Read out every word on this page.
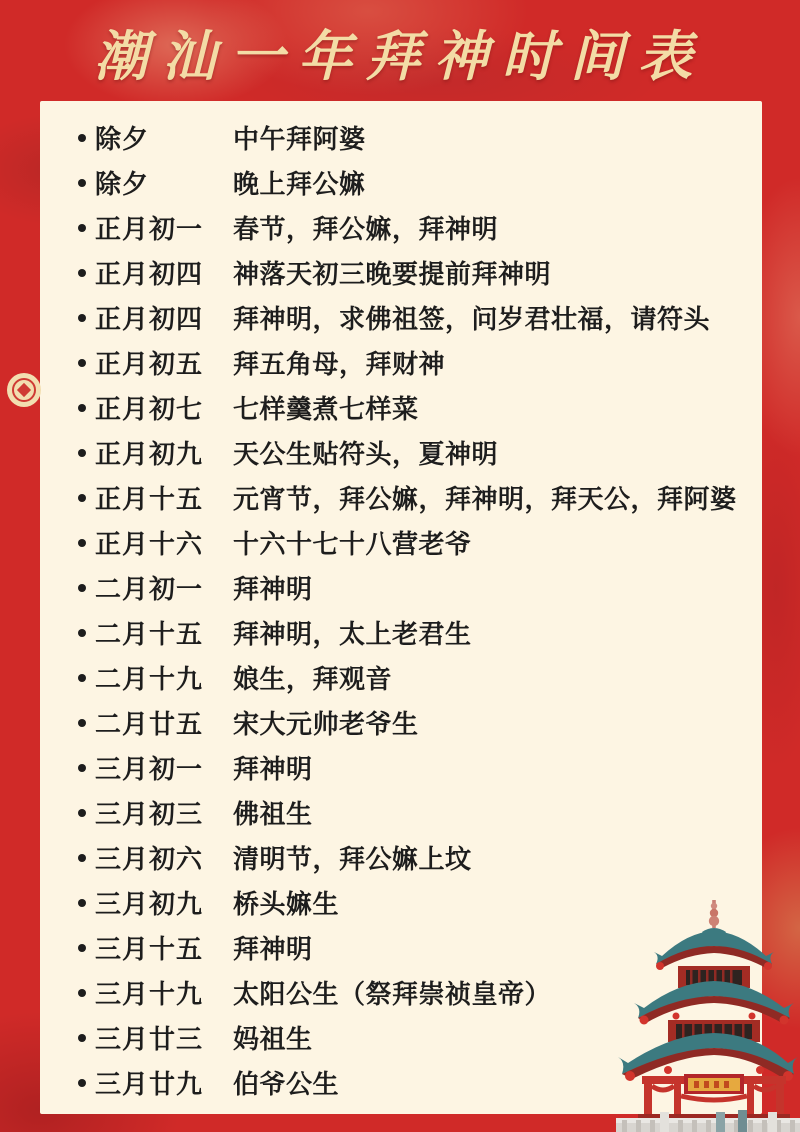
潮汕一年拜神时间表
除夕	中午拜阿婆
除夕	晚上拜公嫲
正月初一	春节，拜公嫲，拜神明
正月初四	神落天初三晚要提前拜神明
正月初四	拜神明，求佛祖签，问岁君壮福，请符头
正月初五	拜五角母，拜财神
正月初七	七样羹煮七样菜
正月初九	天公生贴符头，夏神明
正月十五	元宵节，拜公嫲，拜神明，拜天公，拜阿婆
正月十六	十六十七十八营老爷
二月初一	拜神明
二月十五	拜神明，太上老君生
二月十九	娘生，拜观音
二月廿五	宋大元帅老爷生
三月初一	拜神明
三月初三	佛祖生
三月初六	清明节，拜公嫲上坟
三月初九	桥头嫲生
三月十五	拜神明
三月十九	太阳公生（祭拜崇祯皇帝）
三月廿三	妈祖生
三月廿九	伯爷公生
